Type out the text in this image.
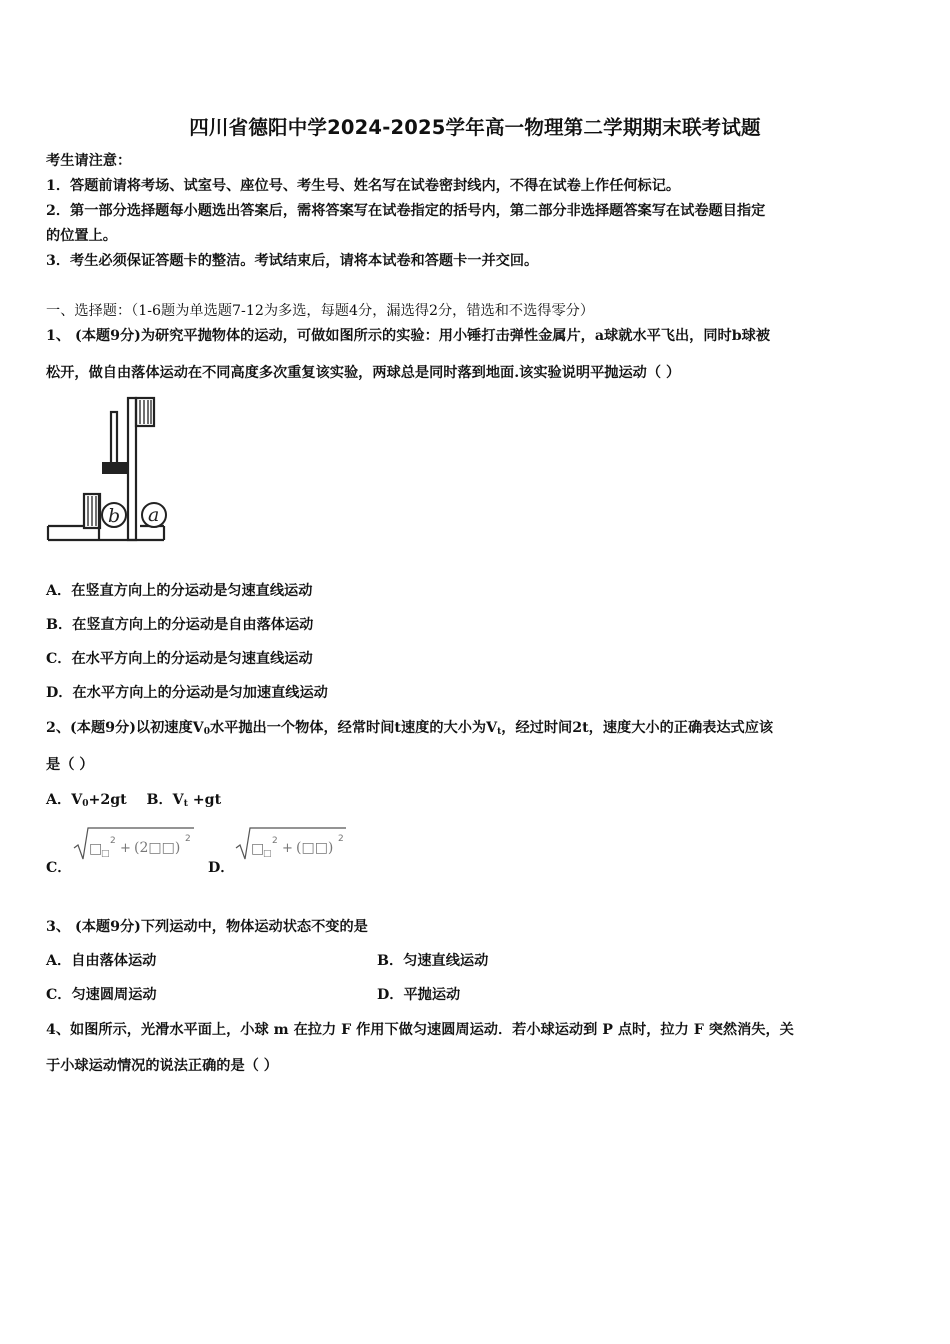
四川省德阳中学2024-2025学年高一物理第二学期期末联考试题
考生请注意：
1．答题前请将考场、试室号、座位号、考生号、姓名写在试卷密封线内，不得在试卷上作任何标记。
2．第一部分选择题每小题选出答案后，需将答案写在试卷指定的括号内，第二部分非选择题答案写在试卷题目指定
的位置上。
3．考生必须保证答题卡的整洁。考试结束后，请将本试卷和答题卡一并交回。
一、选择题：（1-6题为单选题7-12为多选，每题4分，漏选得2分，错选和不选得零分）
1、 (本题9分)为研究平抛物体的运动，可做如图所示的实验：用小锤打击弹性金属片，a球就水平飞出，同时b球被
松开，做自由落体运动在不同高度多次重复该实验，两球总是同时落到地面.该实验说明平抛运动（ ）
b a
A．在竖直方向上的分运动是匀速直线运动
B．在竖直方向上的分运动是自由落体运动
C．在水平方向上的分运动是匀速直线运动
D．在水平方向上的分运动是匀加速直线运动
2、(本题9分)以初速度$V_0$水平抛出一个物体，经常时间t速度的大小为$V_t$，经过时间2t，速度大小的正确表达式应该
是（ ）
A．$V_0+2gt$ B．$V_t +gt$
C．
□
□
2 + (2□□)
2
D．
□
□
2 + (□□)
2
3、 (本题9分)下列运动中，物体运动状态不变的是
A．自由落体运动	B．匀速直线运动
C．匀速圆周运动	D．平抛运动
4、如图所示，光滑水平面上，小球 m 在拉力 F 作用下做匀速圆周运动．若小球运动到 P 点时，拉力 F 突然消失，关
于小球运动情况的说法正确的是（ ）
